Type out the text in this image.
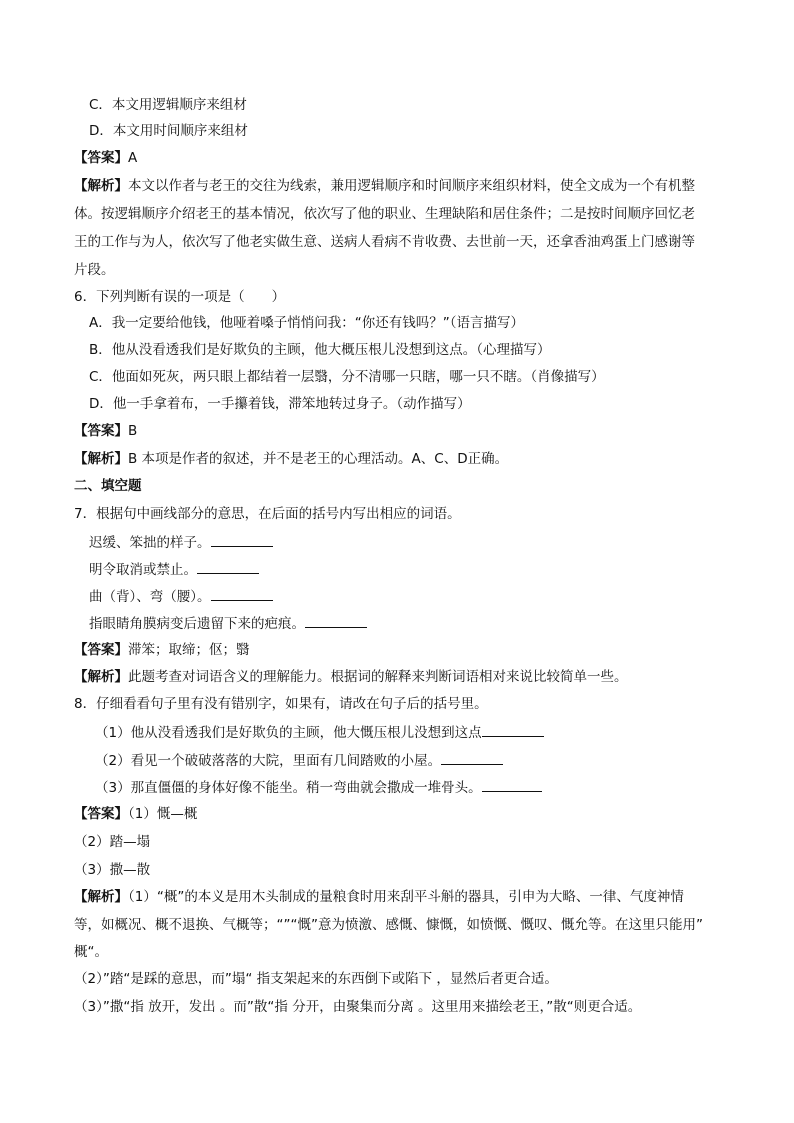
C．本文用逻辑顺序来组材
D．本文用时间顺序来组材
【答案】A
【解析】本文以作者与老王的交往为线索，兼用逻辑顺序和时间顺序来组织材料，使全文成为一个有机整
体。按逻辑顺序介绍老王的基本情况，依次写了他的职业、生理缺陷和居住条件；二是按时间顺序回忆老
王的工作与为人，依次写了他老实做生意、送病人看病不肯收费、去世前一天，还拿香油鸡蛋上门感谢等
片段。
6．下列判断有误的一项是（　　）
A．我一定要给他钱，他哑着嗓子悄悄问我：“你还有钱吗？”（语言描写）
B．他从没看透我们是好欺负的主顾，他大概压根儿没想到这点。（心理描写）
C．他面如死灰，两只眼上都结着一层翳，分不清哪一只瞎，哪一只不瞎。（肖像描写）
D．他一手拿着布，一手攥着钱，滞笨地转过身子。（动作描写）
【答案】B
【解析】B 本项是作者的叙述，并不是老王的心理活动。A、C、D正确。
二、填空题
7．根据句中画线部分的意思，在后面的括号内写出相应的词语。
迟缓、笨拙的样子。
明令取消或禁止。
曲（背）、弯（腰）。
指眼睛角膜病变后遗留下来的疤痕。
【答案】滞笨；取缔；伛；翳
【解析】此题考查对词语含义的理解能力。根据词的解释来判断词语相对来说比较简单一些。
8．仔细看看句子里有没有错别字，如果有，请改在句子后的括号里。
（1）他从没看透我们是好欺负的主顾，他大慨压根儿没想到这点
（2）看见一个破破落落的大院，里面有几间踏败的小屋。
（3）那直僵僵的身体好像不能坐。稍一弯曲就会撒成一堆骨头。
【答案】（1）慨—概
（2）踏—塌
（3）撒—散
【解析】（1）“概”的本义是用木头制成的量粮食时用来刮平斗斛的器具，引申为大略、一律、气度神情
等，如概况、概不退换、气概等；“”“慨”意为愤激、感慨、慷慨，如愤慨、慨叹、慨允等。在这里只能用”
概“。
（2）”踏“是踩的意思，而”塌“ 指支架起来的东西倒下或陷下 ，显然后者更合适。
（3）”撒“指 放开，发出 。而”散“指 分开，由聚集而分离 。这里用来描绘老王，”散“则更合适。
